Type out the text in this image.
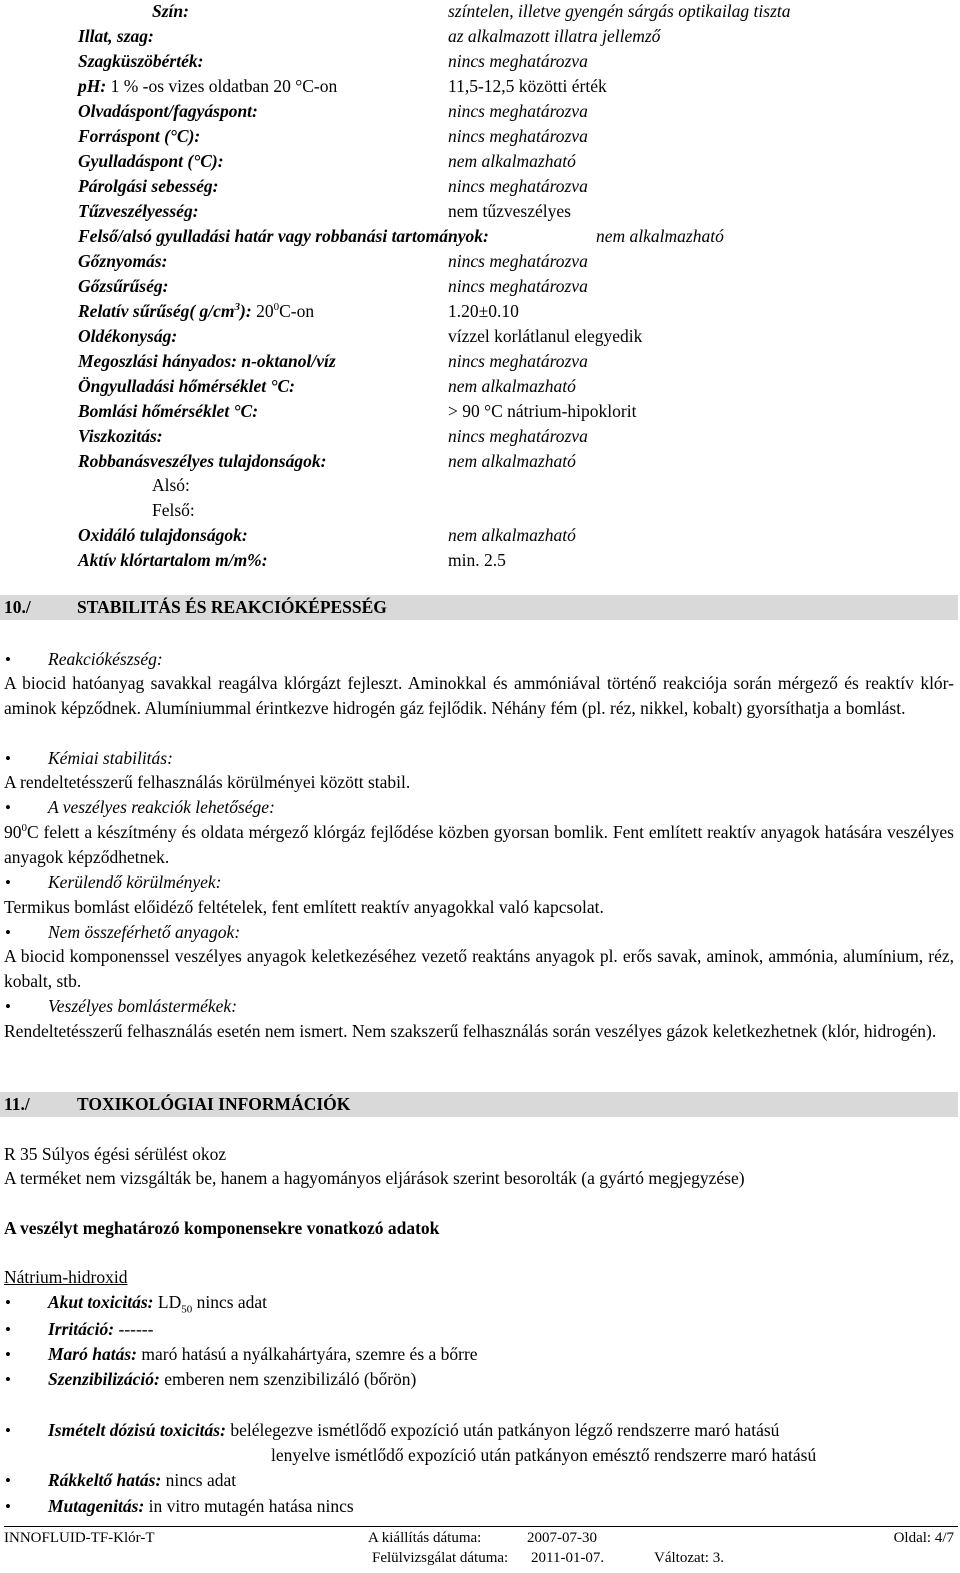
Szín:	színtelen, illetve gyengén sárgás optikailag tiszta
Illat, szag:	az alkalmazott illatra jellemző
Szagküszöbérték:	nincs meghatározva
pH: 1 % -os vizes oldatban 20 °C-on	11,5-12,5 közötti érték
Olvadáspont/fagyáspont:	nincs meghatározva
Forráspont (°C):	nincs meghatározva
Gyulladáspont (°C):	nem alkalmazható
Párolgási sebesség:	nincs meghatározva
Tűzveszélyesség:	nem tűzveszélyes
Felső/alsó gyulladási határ vagy robbanási tartományok:	nem alkalmazható
Gőznyomás:	nincs meghatározva
Gőzsűrűség:	nincs meghatározva
Relatív sűrűség( $g/cm^3$): $20^0C-on$	1.20±0.10
Oldékonyság:	vízzel korlátlanul elegyedik
Megoszlási hányados: n-oktanol/víz	nincs meghatározva
Öngyulladási hőmérséklet °C:	nem alkalmazható
Bomlási hőmérséklet °C:	> 90 °C nátrium-hipoklorit
Viszkozitás:	nincs meghatározva
Robbanásveszélyes tulajdonságok:	nem alkalmazható
Alsó:
Felső:
Oxidáló tulajdonságok:	nem alkalmazható
Aktív klórtartalom m/m%:	min. 2.5
10./	STABILITÁS ÉS REAKCIÓKÉPESSÉG
• Reakciókészség:
A biocid hatóanyag savakkal reagálva klórgázt fejleszt. Aminokkal és ammóniával történő reakciója során mérgező és reaktív klór-aminok képződnek. Alumíniummal érintkezve hidrogén gáz fejlődik. Néhány fém (pl. réz, nikkel, kobalt) gyorsíthatja a bomlást.
• Kémiai stabilitás:
A rendeltetésszerű felhasználás körülményei között stabil.
• A veszélyes reakciók lehetősége:
$90^0C$ felett a készítmény és oldata mérgező klórgáz fejlődése közben gyorsan bomlik. Fent említett reaktív anyagok hatására veszélyes anyagok képződhetnek.
• Kerülendő körülmények:
Termikus bomlást előidéző feltételek, fent említett reaktív anyagokkal való kapcsolat.
• Nem összeférhető anyagok:
A biocid komponenssel veszélyes anyagok keletkezéséhez vezető reaktáns anyagok pl. erős savak, aminok, ammónia, alumínium, réz, kobalt, stb.
• Veszélyes bomlástermékek:
Rendeltetésszerű felhasználás esetén nem ismert. Nem szakszerű felhasználás során veszélyes gázok keletkezhetnek (klór, hidrogén).
11./	TOXIKOLÓGIAI INFORMÁCIÓK
R 35 Súlyos égési sérülést okoz
A terméket nem vizsgálták be, hanem a hagyományos eljárások szerint besorolták (a gyártó megjegyzése)
A veszélyt meghatározó komponensekre vonatkozó adatok
Nátrium-hidroxid
• Akut toxicitás: $LD_{50}$ nincs adat
• Irritáció: ------
• Maró hatás: maró hatású a nyálkahártyára, szemre és a bőrre
• Szenzibilizáció: emberen nem szenzibilizáló (bőrön)
• Ismételt dózisú toxicitás: belélegezve ismétlődő expozíció után patkányon légző rendszerre maró hatású
lenyelve ismétlődő expozíció után patkányon emésztő rendszerre maró hatású
• Rákkeltő hatás: nincs adat
• Mutagenitás: in vitro mutagén hatása nincs
INNOFLUID-TF-Klór-T	A kiállítás dátuma:	2007-07-30	Oldal: 4/7
Felülvizsgálat dátuma: 2011-01-07.	Változat: 3.
